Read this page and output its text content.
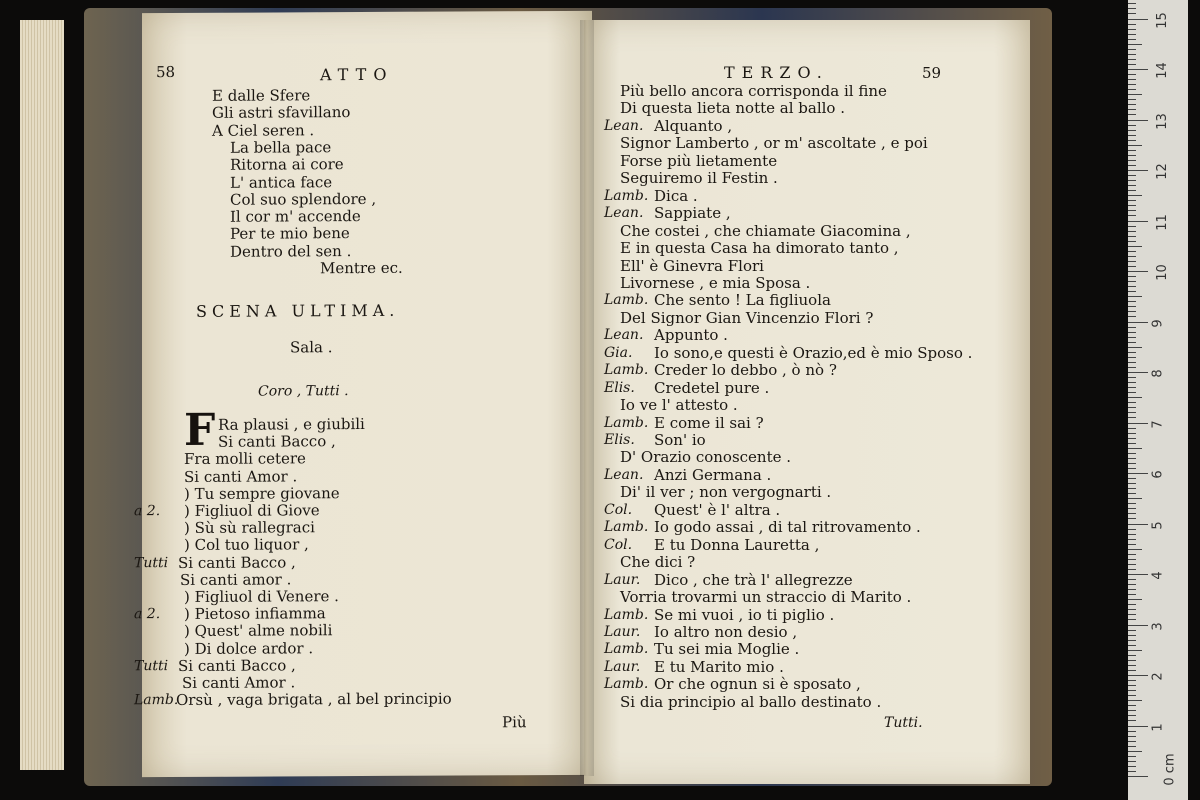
58	ATTO
E dalle Sfere
Gli astri sfavillano
A Ciel seren .
La bella pace
Ritorna ai core
L' antica face
Col suo splendore ,
Il cor m' accende
Per te mio bene
Dentro del sen .
Mentre ec.
SCENA ULTIMA.
Sala .
Coro , Tutti .
F Ra plausi , e giubili
Si canti Bacco ,
Fra molli cetere
Si canti Amor .
) Tu sempre giovane
a 2. ) Figliuol di Giove
) Sù sù rallegraci
) Col tuo liquor ,
Tutti Si canti Bacco ,
Si canti amor .
) Figliuol di Venere .
a 2. ) Pietoso infiamma
) Quest' alme nobili
) Di dolce ardor .
Tutti Si canti Bacco ,
Si canti Amor .
Lamb.
Orsù , vaga brigata , al bel principio
Più
TERZO.	59
Più bello ancora corrisponda il fine
Di questa lieta notte al ballo .
Lean. Alquanto ,
Signor Lamberto , or m' ascoltate , e poi
Forse più lietamente
Seguiremo il Festin .
Lamb. Dica .
Lean. Sappiate ,
Che costei , che chiamate Giacomina ,
E in questa Casa ha dimorato tanto ,
Ell' è Ginevra Flori
Livornese , e mia Sposa .
Lamb. Che sento ! La figliuola
Del Signor Gian Vincenzio Flori ?
Lean. Appunto .
Gia. Io sono,e questi è Orazio,ed è mio Sposo .
Lamb. Creder lo debbo , ò nò ?
Elis. Credetel pure .
Io ve l' attesto .
Lamb. E come il sai ?
Elis. Son' io
D' Orazio conoscente .
Lean. Anzi Germana .
Di' il ver ; non vergognarti .
Col. Quest' è l' altra .
Lamb. Io godo assai , di tal ritrovamento .
Col. E tu Donna Lauretta ,
Che dici ?
Laur. Dico , che trà l' allegrezze
Vorria trovarmi un straccio di Marito .
Lamb. Se mi vuoi , io ti piglio .
Laur. Io altro non desio ,
Lamb. Tu sei mia Moglie .
Laur. E tu Marito mio .
Lamb. Or che ognun si è sposato ,
Si dia principio al ballo destinato .
Tutti.	1
2
3
4
5
6
7
8
9
10
11
12
13
14
15
0 cm
